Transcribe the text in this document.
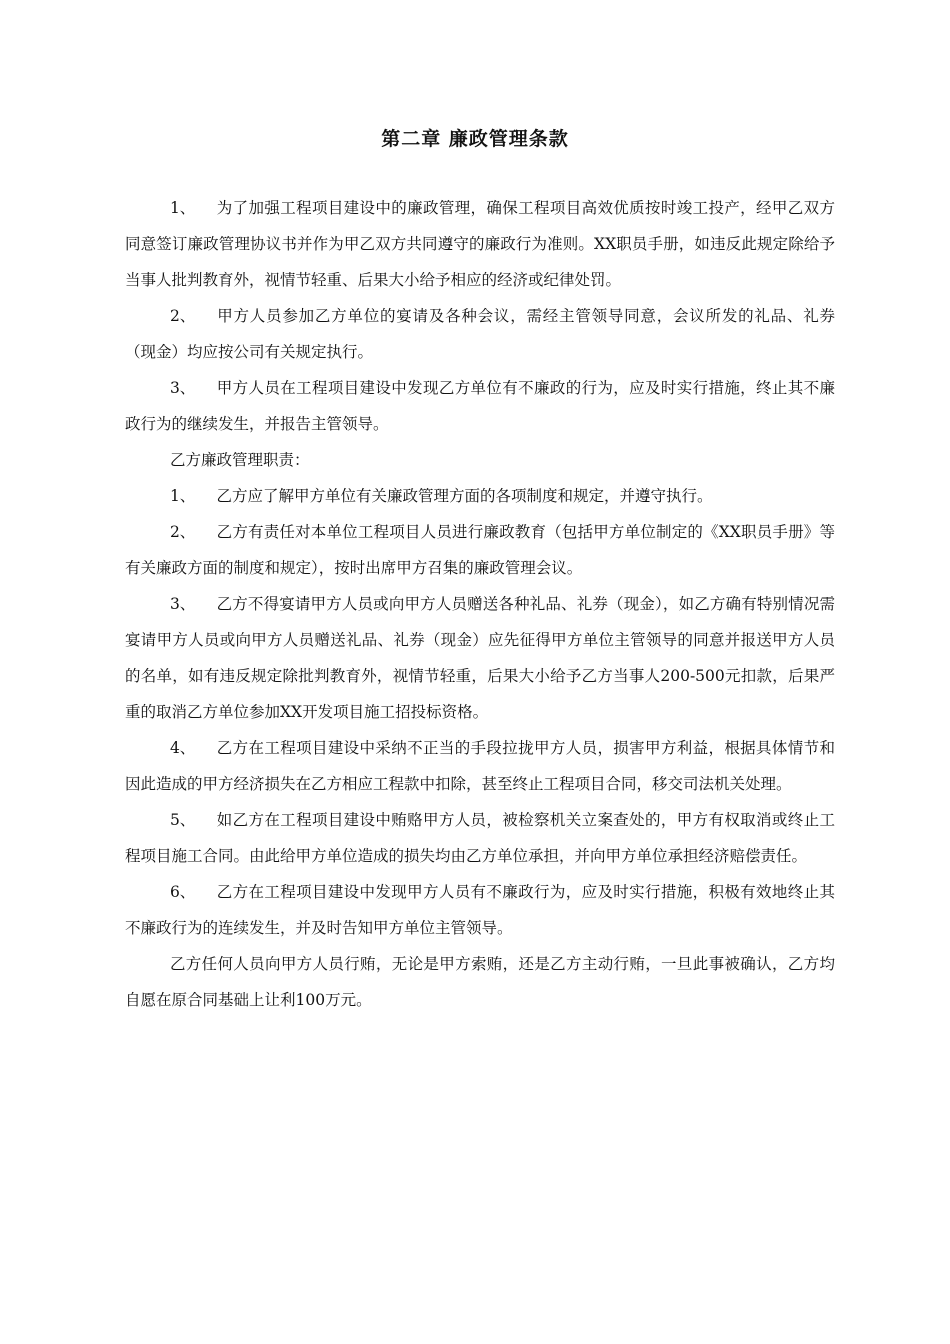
第二章 廉政管理条款

1、 为了加强工程项目建设中的廉政管理，确保工程项目高效优质按时竣工投产，经甲乙双方同意签订廉政管理协议书并作为甲乙双方共同遵守的廉政行为准则。XX职员手册，如违反此规定除给予当事人批判教育外，视情节轻重、后果大小给予相应的经济或纪律处罚。

2、 甲方人员参加乙方单位的宴请及各种会议，需经主管领导同意，会议所发的礼品、礼券（现金）均应按公司有关规定执行。

3、 甲方人员在工程项目建设中发现乙方单位有不廉政的行为，应及时实行措施，终止其不廉政行为的继续发生，并报告主管领导。

乙方廉政管理职责：

1、 乙方应了解甲方单位有关廉政管理方面的各项制度和规定，并遵守执行。

2、 乙方有责任对本单位工程项目人员进行廉政教育（包括甲方单位制定的《XX职员手册》等有关廉政方面的制度和规定），按时出席甲方召集的廉政管理会议。

3、 乙方不得宴请甲方人员或向甲方人员赠送各种礼品、礼券（现金），如乙方确有特别情况需宴请甲方人员或向甲方人员赠送礼品、礼券（现金）应先征得甲方单位主管领导的同意并报送甲方人员的名单，如有违反规定除批判教育外，视情节轻重，后果大小给予乙方当事人200-500元扣款，后果严重的取消乙方单位参加XX开发项目施工招投标资格。

4、 乙方在工程项目建设中采纳不正当的手段拉拢甲方人员，损害甲方利益，根据具体情节和因此造成的甲方经济损失在乙方相应工程款中扣除，甚至终止工程项目合同，移交司法机关处理。

5、 如乙方在工程项目建设中贿赂甲方人员，被检察机关立案查处的，甲方有权取消或终止工程项目施工合同。由此给甲方单位造成的损失均由乙方单位承担，并向甲方单位承担经济赔偿责任。

6、 乙方在工程项目建设中发现甲方人员有不廉政行为，应及时实行措施，积极有效地终止其不廉政行为的连续发生，并及时告知甲方单位主管领导。

乙方任何人员向甲方人员行贿，无论是甲方索贿，还是乙方主动行贿，一旦此事被确认，乙方均自愿在原合同基础上让利100万元。
